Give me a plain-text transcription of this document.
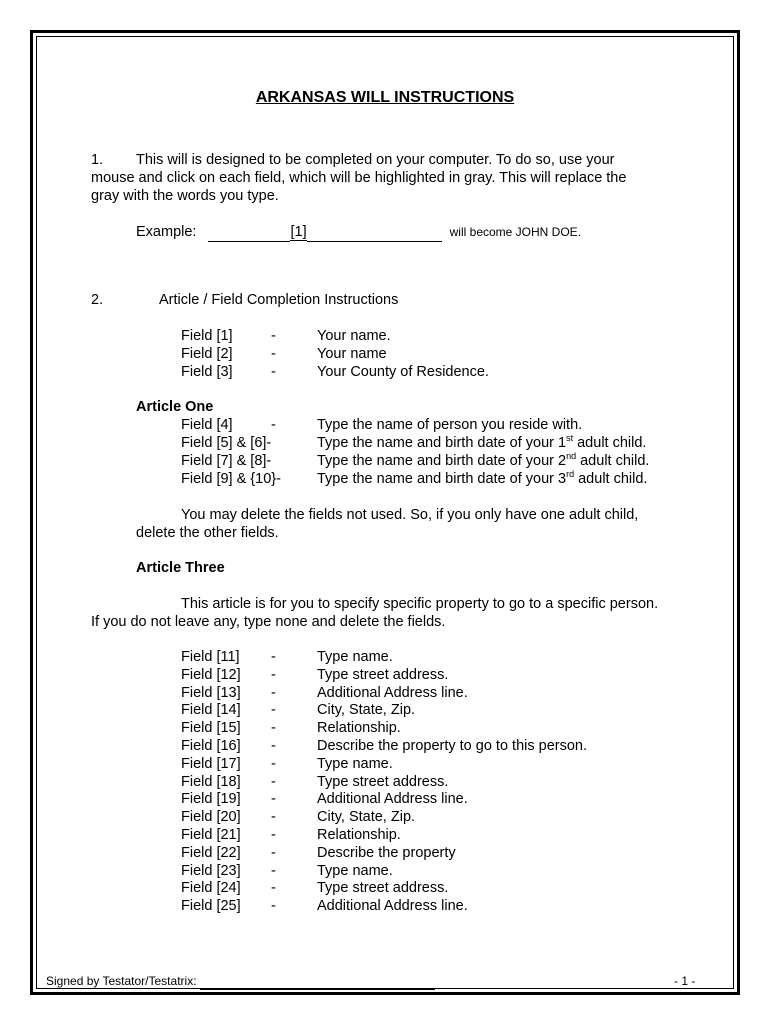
ARKANSAS WILL INSTRUCTIONS
1. This will is designed to be completed on your computer. To do so, use your
mouse and click on each field, which will be highlighted in gray. This will replace the
gray with the words you type.
Example:	[1]	will become JOHN DOE.
2.	Article / Field Completion Instructions
Field [1]	-	Your name.
Field [2]	-	Your name
Field [3]	-	Your County of Residence.
Article One
Field [4]	-	Type the name of person you reside with.
Field [5] & [6]-	Type the name and birth date of your 1st adult child.
Field [7] & [8]-	Type the name and birth date of your 2nd adult child.
Field [9] & {10}- Type the name and birth date of your 3rd adult child.
You may delete the fields not used. So, if you only have one adult child,
delete the other fields.
Article Three
This article is for you to specify specific property to go to a specific person.
If you do not leave any, type none and delete the fields.
Field [11] -	Type name.
Field [12] -	Type street address.
Field [13] -	Additional Address line.
Field [14] -	City, State, Zip.
Field [15] -	Relationship.
Field [16] -	Describe the property to go to this person.
Field [17] -	Type name.
Field [18] -	Type street address.
Field [19] -	Additional Address line.
Field [20] -	City, State, Zip.
Field [21] -	Relationship.
Field [22] -	Describe the property
Field [23] -	Type name.
Field [24] -	Type street address.
Field [25] -	Additional Address line.
Signed by Testator/Testatrix:	- 1 -
